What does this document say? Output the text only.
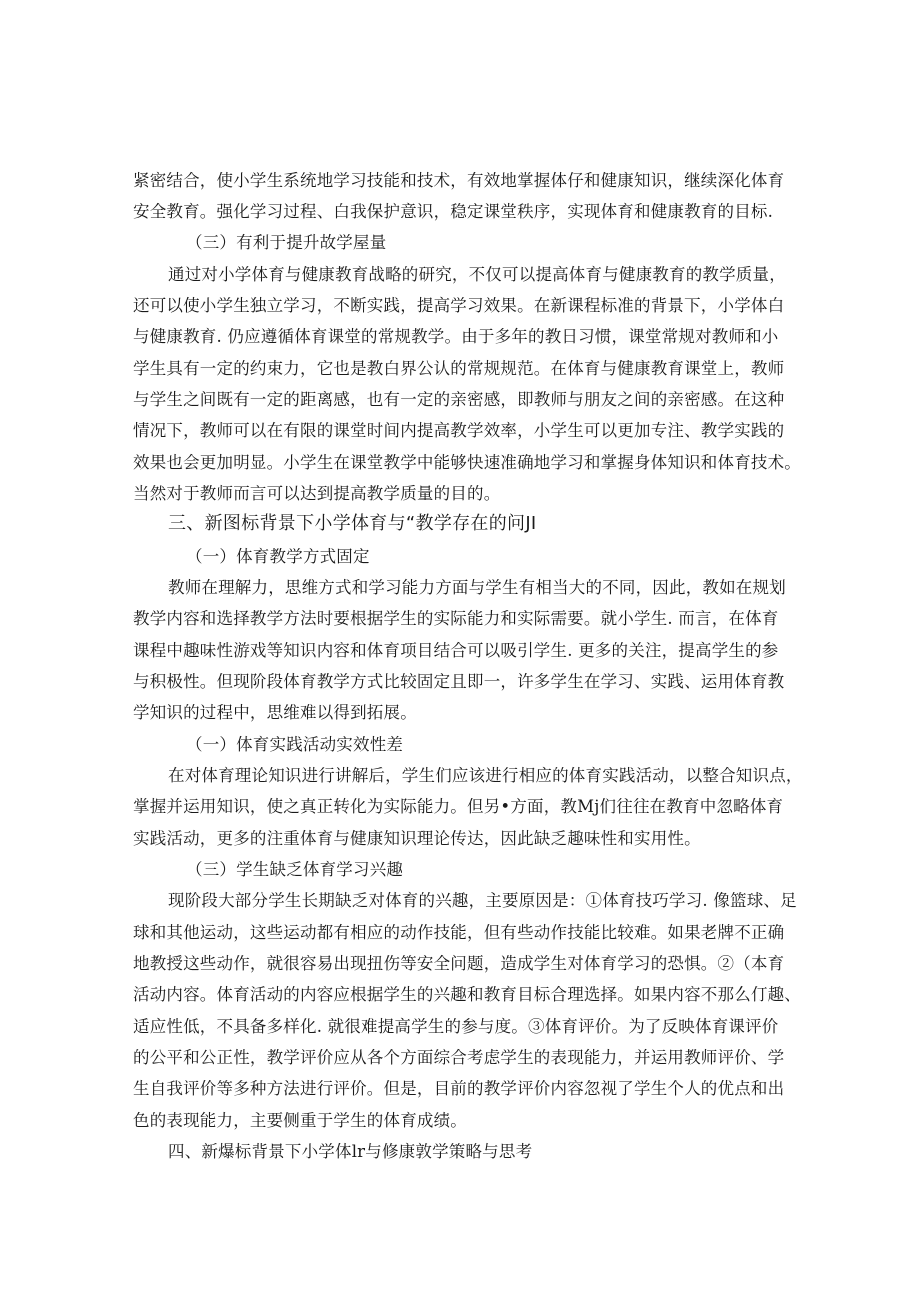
紧密结合，使小学生系统地学习技能和技术，有效地掌握体仔和健康知识，继续深化体育
安全教育。强化学习过程、白我保护意识，稳定课堂秩序，实现体育和健康教育的目标.
（三）有利于提升故学屋量
通过对小学体育与健康教育战略的研究，不仅可以提高体育与健康教育的教学质量，
还可以使小学生独立学习，不断实践，提高学习效果。在新课程标准的背景下，小学体白
与健康教育. 仍应遵循体育课堂的常规教学。由于多年的教日习惯，课堂常规对教师和小
学生具有一定的约束力，它也是教白界公认的常规规范。在体育与健康教育课堂上，教师
与学生之间既有一定的距离感，也有一定的亲密感，即教师与朋友之间的亲密感。在这种
情况下，教师可以在有限的课堂时间内提高教学效率，小学生可以更加专注、教学实践的
效果也会更加明显。小学生在课堂教学中能够快速准确地学习和掌握身体知识和体育技术。
当然对于教师而言可以达到提高教学质量的目的。
三、新图标背景下小学体育与“教学存在的问JI
（一）体育教学方式固定
教师在理解力，思维方式和学习能力方面与学生有相当大的不同，因此，教如在规划
教学内容和选择教学方法时要根据学生的实际能力和实际需要。就小学生. 而言，在体育
课程中趣味性游戏等知识内容和体育项目结合可以吸引学生. 更多的关注，提高学生的参
与积极性。但现阶段体育教学方式比较固定且即一，许多学生在学习、实践、运用体育教
学知识的过程中，思维难以得到拓展。
（一）体育实践活动实效性差
在对体育理论知识进行讲解后，学生们应该进行相应的体育实践活动，以整合知识点，
掌握并运用知识，使之真正转化为实际能力。但另•方面，教Mj们往往在教育中忽略体育
实践活动，更多的注重体育与健康知识理论传达，因此缺乏趣味性和实用性。
（三）学生缺乏体育学习兴趣
现阶段大部分学生长期缺乏对体育的兴趣，主要原因是：①体育技巧学习. 像篮球、足
球和其他运动，这些运动都有相应的动作技能，但有些动作技能比较难。如果老牌不正确
地教授这些动作，就很容易出现扭伤等安全问题，造成学生对体育学习的恐惧。②（本育
活动内容。体育活动的内容应根据学生的兴趣和教育目标合理选择。如果内容不那么仃趣、
适应性低，不具备多样化. 就很难提高学生的参与度。③体育评价。为了反映体育课评价
的公平和公正性，教学评价应从各个方面综合考虑学生的表现能力，并运用教师评价、学
生自我评价等多种方法进行评价。但是，目前的教学评价内容忽视了学生个人的优点和出
色的表现能力，主要侧重于学生的体育成绩。
四、新爆标背景下小学体lr与修康敦学策略与思考
